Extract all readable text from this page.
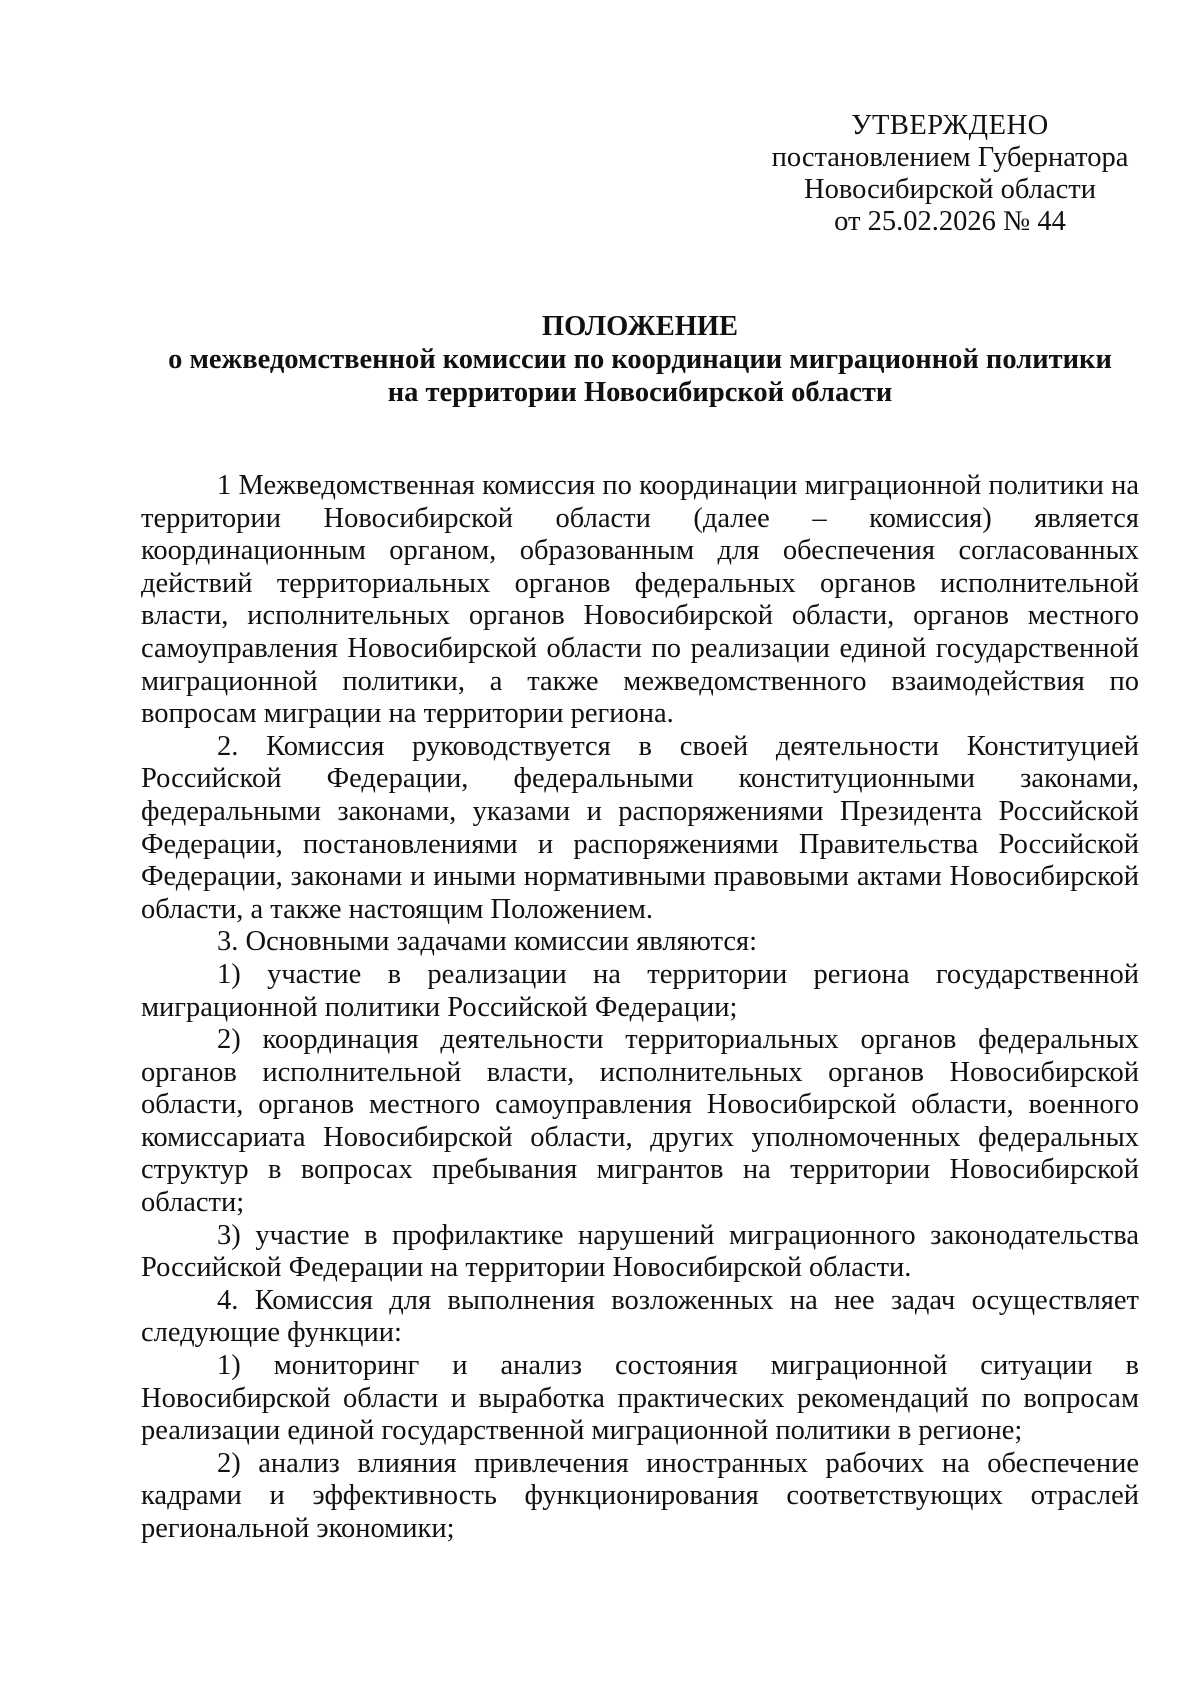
УТВЕРЖДЕНО
постановлением Губернатора
Новосибирской области
от 25.02.2026 № 44
ПОЛОЖЕНИЕ
о межведомственной комиссии по координации миграционной политики
на территории Новосибирской области

1 Межведомственная комиссия по координации миграционной политики на территории Новосибирской области (далее – комиссия) является координационным органом, образованным для обеспечения согласованных действий территориальных органов федеральных органов исполнительной власти, исполнительных органов Новосибирской области, органов местного самоуправления Новосибирской области по реализации единой государственной миграционной политики, а также межведомственного взаимодействия по вопросам миграции на территории региона.

2. Комиссия руководствуется в своей деятельности Конституцией Российской Федерации, федеральными конституционными законами, федеральными законами, указами и распоряжениями Президента Российской Федерации, постановлениями и распоряжениями Правительства Российской Федерации, законами и иными нормативными правовыми актами Новосибирской области, а также настоящим Положением.

3. Основными задачами комиссии являются:

1) участие в реализации на территории региона государственной миграционной политики Российской Федерации;

2) координация деятельности территориальных органов федеральных органов исполнительной власти, исполнительных органов Новосибирской области, органов местного самоуправления Новосибирской области, военного комиссариата Новосибирской области, других уполномоченных федеральных структур в вопросах пребывания мигрантов на территории Новосибирской области;

3) участие в профилактике нарушений миграционного законодательства Российской Федерации на территории Новосибирской области.

4. Комиссия для выполнения возложенных на нее задач осуществляет следующие функции:

1) мониторинг и анализ состояния миграционной ситуации в Новосибирской области и выработка практических рекомендаций по вопросам реализации единой государственной миграционной политики в регионе;

2) анализ влияния привлечения иностранных рабочих на обеспечение кадрами и эффективность функционирования соответствующих отраслей региональной экономики;
